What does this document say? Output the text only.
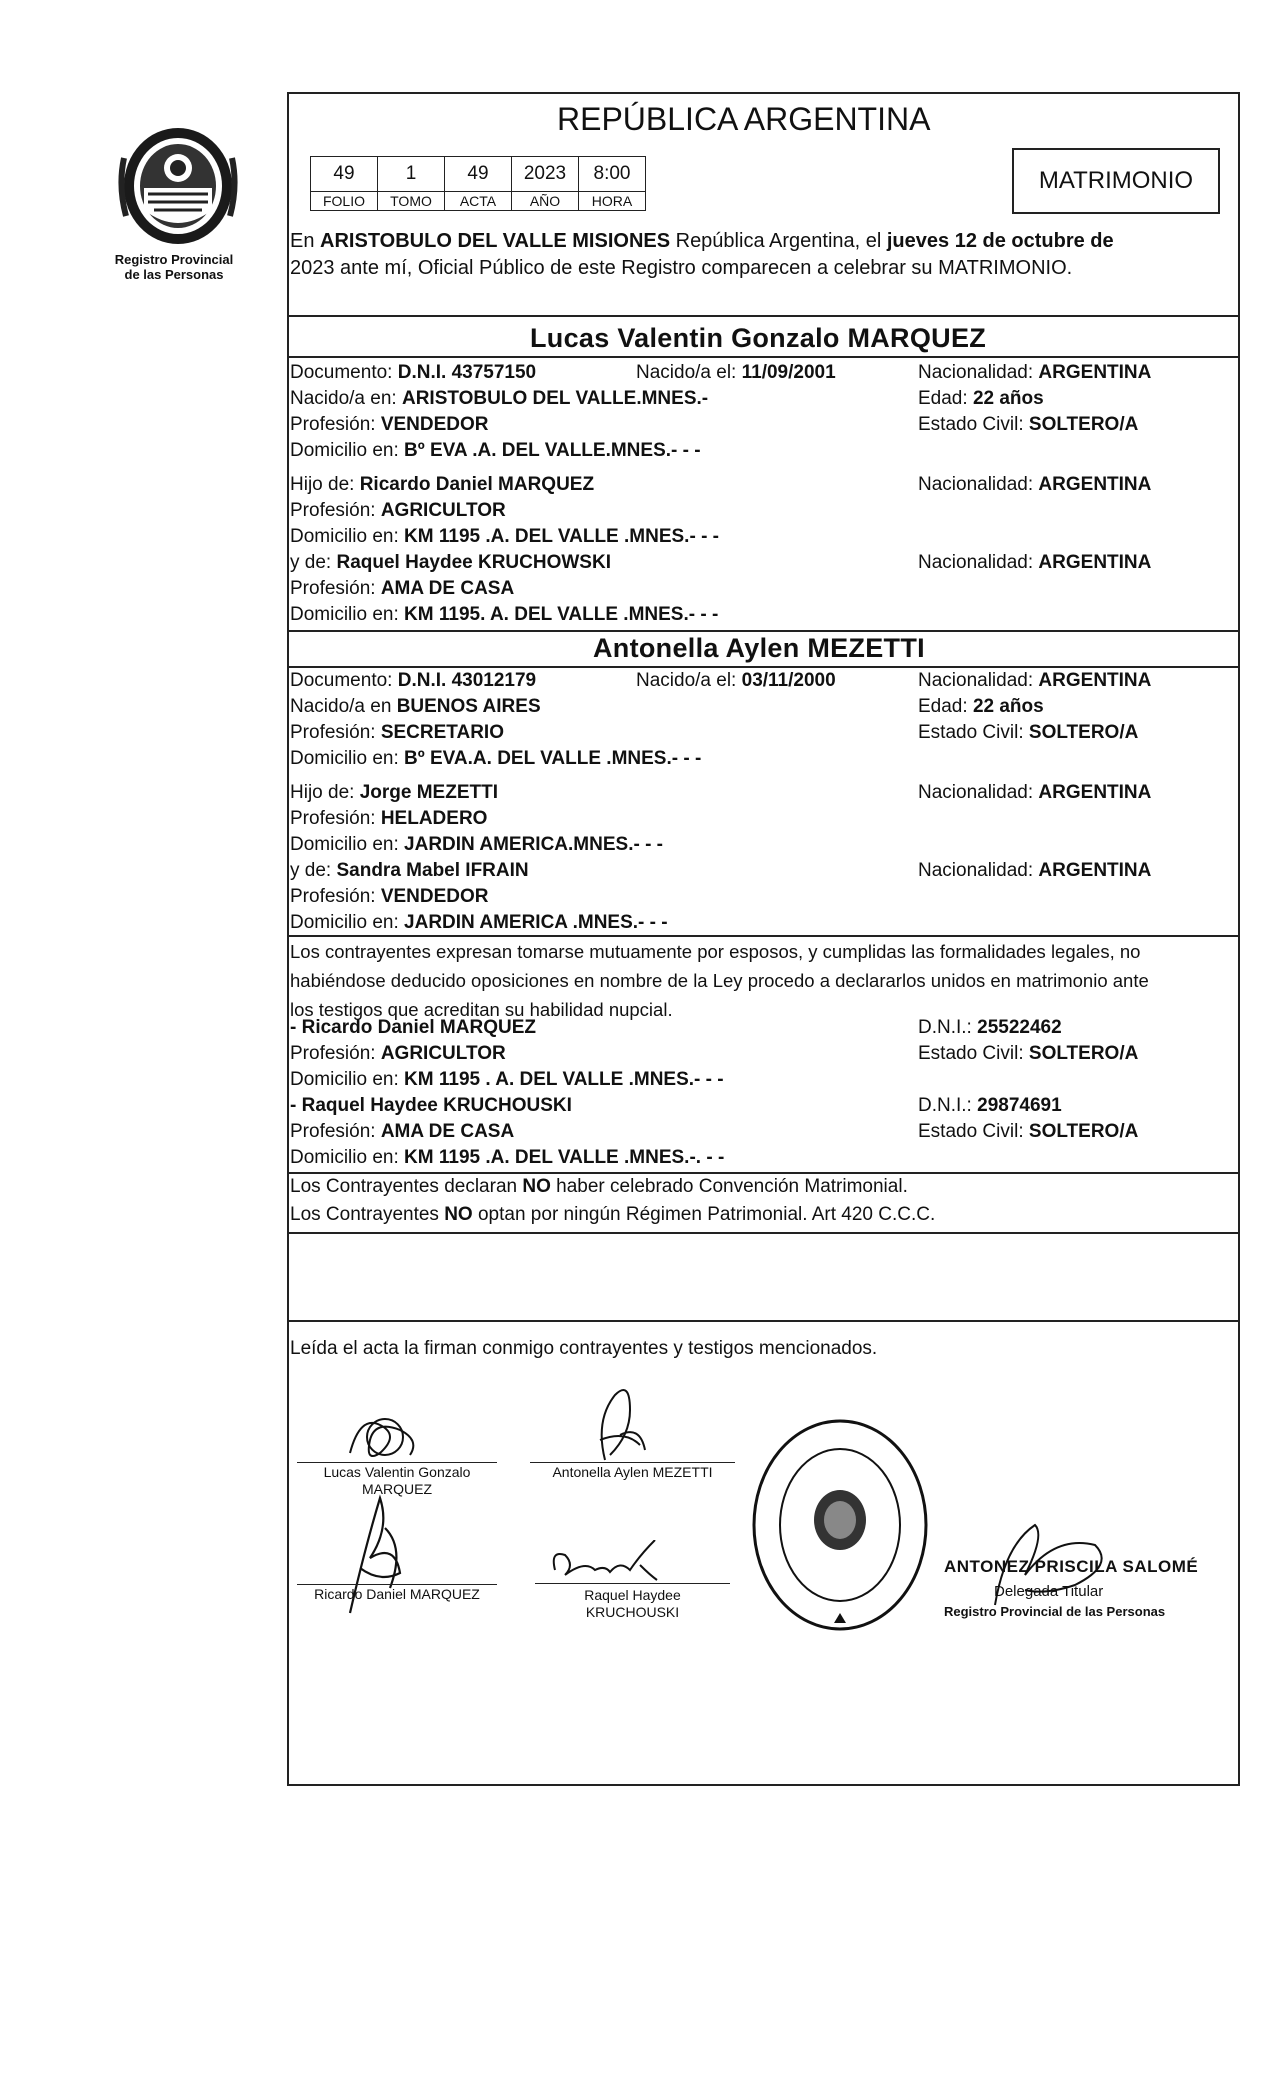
Registro Provincial
de las Personas
REPÚBLICA ARGENTINA
49	1	49	2023	8:00
FOLIO	TOMO	ACTA	AÑO	HORA
MATRIMONIO
En ARISTOBULO DEL VALLE MISIONES República Argentina, el jueves 12 de octubre de
2023 ante mí, Oficial Público de este Registro comparecen a celebrar su MATRIMONIO.
Lucas Valentin Gonzalo MARQUEZ
Documento: D.N.I. 43757150	Nacido/a el: 11/09/2001	Nacionalidad: ARGENTINA
Nacido/a en: ARISTOBULO DEL VALLE.MNES.-	Edad: 22 años
Profesión: VENDEDOR	Estado Civil: SOLTERO/A
Domicilio en: Bº EVA .A. DEL VALLE.MNES.- - -
Hijo de: Ricardo Daniel MARQUEZ	Nacionalidad: ARGENTINA
Profesión: AGRICULTOR
Domicilio en: KM 1195 .A. DEL VALLE .MNES.- - -
y de: Raquel Haydee KRUCHOWSKI	Nacionalidad: ARGENTINA
Profesión: AMA DE CASA
Domicilio en: KM 1195. A. DEL VALLE .MNES.- - -
Antonella Aylen MEZETTI
Documento: D.N.I. 43012179	Nacido/a el: 03/11/2000	Nacionalidad: ARGENTINA
Nacido/a en BUENOS AIRES	Edad: 22 años
Profesión: SECRETARIO	Estado Civil: SOLTERO/A
Domicilio en: Bº EVA.A. DEL VALLE .MNES.- - -
Hijo de: Jorge MEZETTI	Nacionalidad: ARGENTINA
Profesión: HELADERO
Domicilio en: JARDIN AMERICA.MNES.- - -
y de: Sandra Mabel IFRAIN	Nacionalidad: ARGENTINA
Profesión: VENDEDOR
Domicilio en: JARDIN AMERICA .MNES.- - -
Los contrayentes expresan tomarse mutuamente por esposos, y cumplidas las formalidades legales, no
habiéndose deducido oposiciones en nombre de la Ley procedo a declararlos unidos en matrimonio ante
los testigos que acreditan su habilidad nupcial.
- Ricardo Daniel MARQUEZ	D.N.I.: 25522462
Profesión: AGRICULTOR	Estado Civil: SOLTERO/A
Domicilio en: KM 1195 . A. DEL VALLE .MNES.- - -
- Raquel Haydee KRUCHOUSKI	D.N.I.: 29874691
Profesión: AMA DE CASA	Estado Civil: SOLTERO/A
Domicilio en: KM 1195 .A. DEL VALLE .MNES.-. - -
Los Contrayentes declaran NO haber celebrado Convención Matrimonial.
Los Contrayentes NO optan por ningún Régimen Patrimonial. Art 420 C.C.C.
Leída el acta la firman conmigo contrayentes y testigos mencionados.
Lucas Valentin Gonzalo
MARQUEZ
Antonella Aylen MEZETTI
Ricardo Daniel MARQUEZ	Raquel Haydee
KRUCHOUSKI
ANTONEZ PRISCILA SALOMÉ
Delegada Titular
Registro Provincial de las Personas
